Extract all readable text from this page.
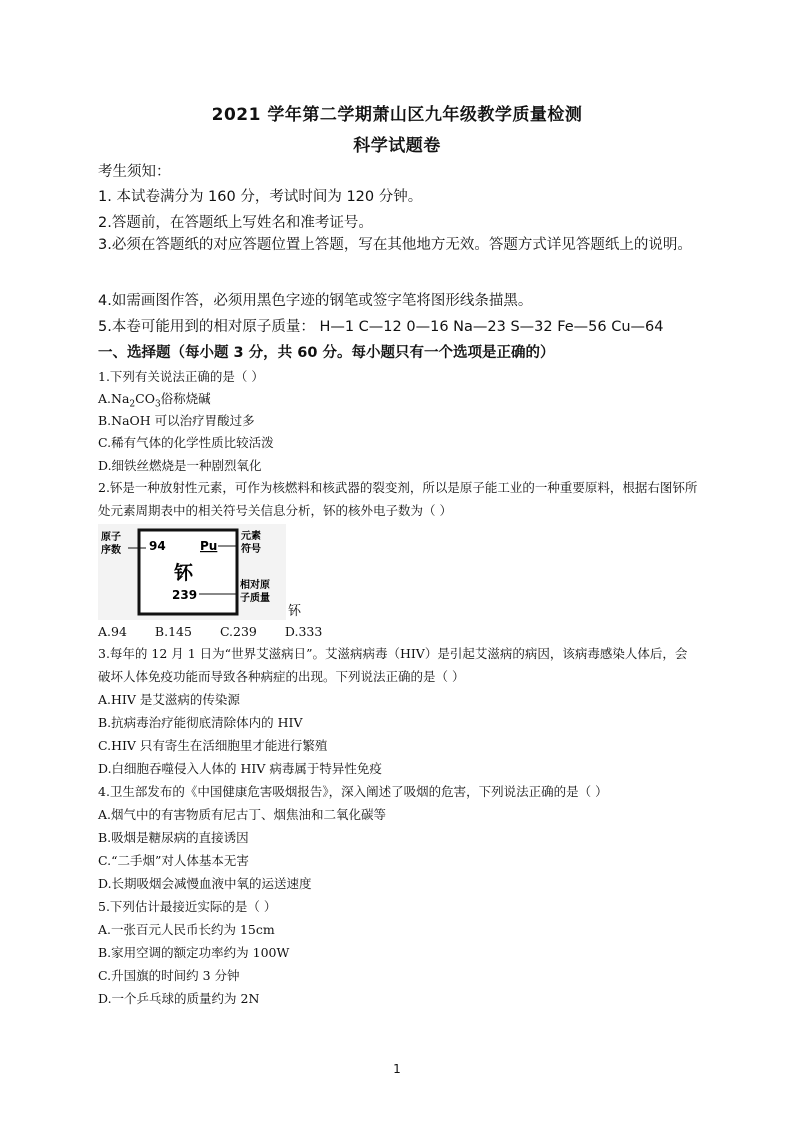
2021 学年第二学期萧山区九年级教学质量检测
科学试题卷
考生须知：
1. 本试卷满分为 160 分，考试时间为 120 分钟。
2.答题前，在答题纸上写姓名和准考证号。
3.必须在答题纸的对应答题位置上答题，写在其他地方无效。答题方式详见答题纸上的说明。
4.如需画图作答，必须用黑色字迹的钢笔或签字笔将图形线条描黑。
5.本卷可能用到的相对原子质量： H—1 C—12 0—16 Na—23 S—32 Fe—56 Cu—64
一、选择题（每小题 3 分，共 60 分。每小题只有一个选项是正确的）
1.下列有关说法正确的是（ ）
$A.Na_2CO_3$俗称烧碱
B.NaOH 可以治疗胃酸过多
C.稀有气体的化学性质比较活泼
D.细铁丝燃烧是一种剧烈氧化
2.钚是一种放射性元素，可作为核燃料和核武器的裂变剂，所以是原子能工业的一种重要原料，根据右图钚所处元素周期表中的相关符号关信息分析，钚的核外电子数为（ ）
原子
序数 94	Pu
元素
符号
钚
239
相对原
子质量
钚
A.94 B.145 C.239 D.333
3.每年的 12 月 1 日为“世界艾滋病日”。艾滋病病毒（HIV）是引起艾滋病的病因，该病毒感染人体后，会破坏人体免疫功能而导致各种病症的出现。下列说法正确的是（ ）
A.HIV 是艾滋病的传染源
B.抗病毒治疗能彻底清除体内的 HIV
C.HIV 只有寄生在活细胞里才能进行繁殖
D.白细胞吞噬侵入人体的 HIV 病毒属于特异性免疫
4.卫生部发布的《中国健康危害吸烟报告》，深入阐述了吸烟的危害，下列说法正确的是（ ）
A.烟气中的有害物质有尼古丁、烟焦油和二氧化碳等
B.吸烟是糖尿病的直接诱因
C.“二手烟”对人体基本无害
D.长期吸烟会减慢血液中氧的运送速度
5.下列估计最接近实际的是（ ）
A.一张百元人民币长约为 15cm
B.家用空调的额定功率约为 100W
C.升国旗的时间约 3 分钟
D.一个乒乓球的质量约为 2N
1
